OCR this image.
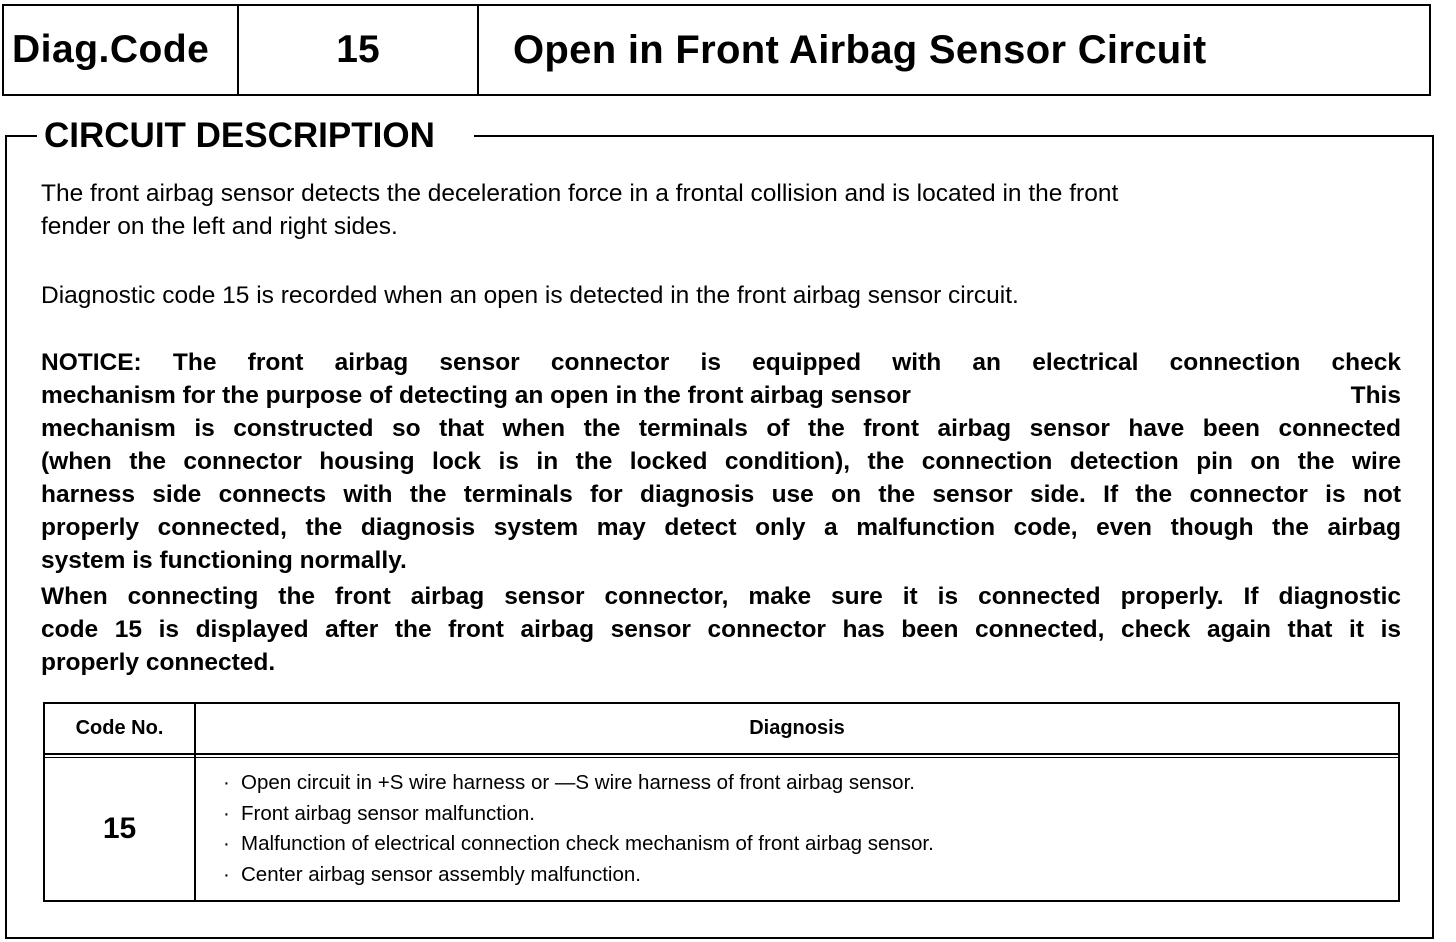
Diag.Code	15	Open in Front Airbag Sensor Circuit
CIRCUIT DESCRIPTION
The front airbag sensor detects the deceleration force in a frontal collision and is located in the front
fender on the left and right sides.
Diagnostic code 15 is recorded when an open is detected in the front airbag sensor circuit.
NOTICE: The front airbag sensor connector is equipped with an electrical connection check
mechanism for the purpose of detecting an open in the front airbag sensor	This
mechanism is constructed so that when the terminals of the front airbag sensor have been connected
(when the connector housing lock is in the locked condition), the connection detection pin on the wire
harness side connects with the terminals for diagnosis use on the sensor side. If the connector is not
properly connected, the diagnosis system may detect only a malfunction code, even though the airbag
system is functioning normally.
When connecting the front airbag sensor connector, make sure it is connected properly. If diagnostic
code 15 is displayed after the front airbag sensor connector has been connected, check again that it is
properly connected.
Code No.	Diagnosis
15
· Open circuit in +S wire harness or —S wire harness of front airbag sensor.
· Front airbag sensor malfunction.
· Malfunction of electrical connection check mechanism of front airbag sensor.
· Center airbag sensor assembly malfunction.
